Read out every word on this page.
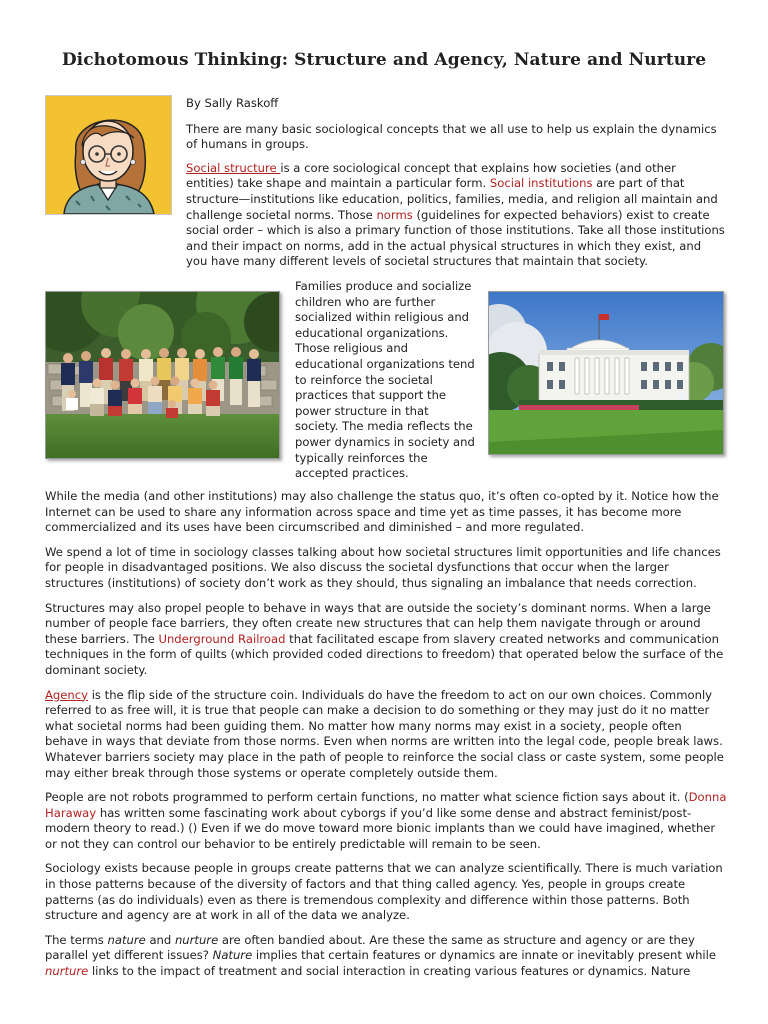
Dichotomous Thinking: Structure and Agency, Nature and Nurture

By Sally Raskoff

There are many basic sociological concepts that we all use to help us explain the dynamics of humans in groups.

Social structure is a core sociological concept that explains how societies (and other entities) take shape and maintain a particular form. Social institutions are part of that structure—institutions like education, politics, families, media, and religion all maintain and challenge societal norms. Those norms (guidelines for expected behaviors) exist to create social order – which is also a primary function of those institutions. Take all those institutions and their impact on norms, add in the actual physical structures in which they exist, and you have many different levels of societal structures that maintain that society.

Families produce and socialize children who are further socialized within religious and educational organizations. Those religious and educational organizations tend to reinforce the societal practices that support the power structure in that society. The media reflects the power dynamics in society and typically reinforces the accepted practices.

While the media (and other institutions) may also challenge the status quo, it’s often co-opted by it. Notice how the Internet can be used to share any information across space and time yet as time passes, it has become more commercialized and its uses have been circumscribed and diminished – and more regulated.

We spend a lot of time in sociology classes talking about how societal structures limit opportunities and life chances for people in disadvantaged positions. We also discuss the societal dysfunctions that occur when the larger structures (institutions) of society don’t work as they should, thus signaling an imbalance that needs correction.

Structures may also propel people to behave in ways that are outside the society’s dominant norms. When a large number of people face barriers, they often create new structures that can help them navigate through or around these barriers. The Underground Railroad that facilitated escape from slavery created networks and communication techniques in the form of quilts (which provided coded directions to freedom) that operated below the surface of the dominant society.

Agency is the flip side of the structure coin. Individuals do have the freedom to act on our own choices. Commonly referred to as free will, it is true that people can make a decision to do something or they may just do it no matter what societal norms had been guiding them. No matter how many norms may exist in a society, people often behave in ways that deviate from those norms. Even when norms are written into the legal code, people break laws. Whatever barriers society may place in the path of people to reinforce the social class or caste system, some people may either break through those systems or operate completely outside them.

People are not robots programmed to perform certain functions, no matter what science fiction says about it. (Donna Haraway has written some fascinating work about cyborgs if you’d like some dense and abstract feminist/post-modern theory to read.) () Even if we do move toward more bionic implants than we could have imagined, whether or not they can control our behavior to be entirely predictable will remain to be seen.

Sociology exists because people in groups create patterns that we can analyze scientifically. There is much variation in those patterns because of the diversity of factors and that thing called agency. Yes, people in groups create patterns (as do individuals) even as there is tremendous complexity and difference within those patterns. Both structure and agency are at work in all of the data we analyze.

The terms nature and nurture are often bandied about. Are these the same as structure and agency or are they parallel yet different issues? Nature implies that certain features or dynamics are innate or inevitably present while nurture links to the impact of treatment and social interaction in creating various features or dynamics. Nature
